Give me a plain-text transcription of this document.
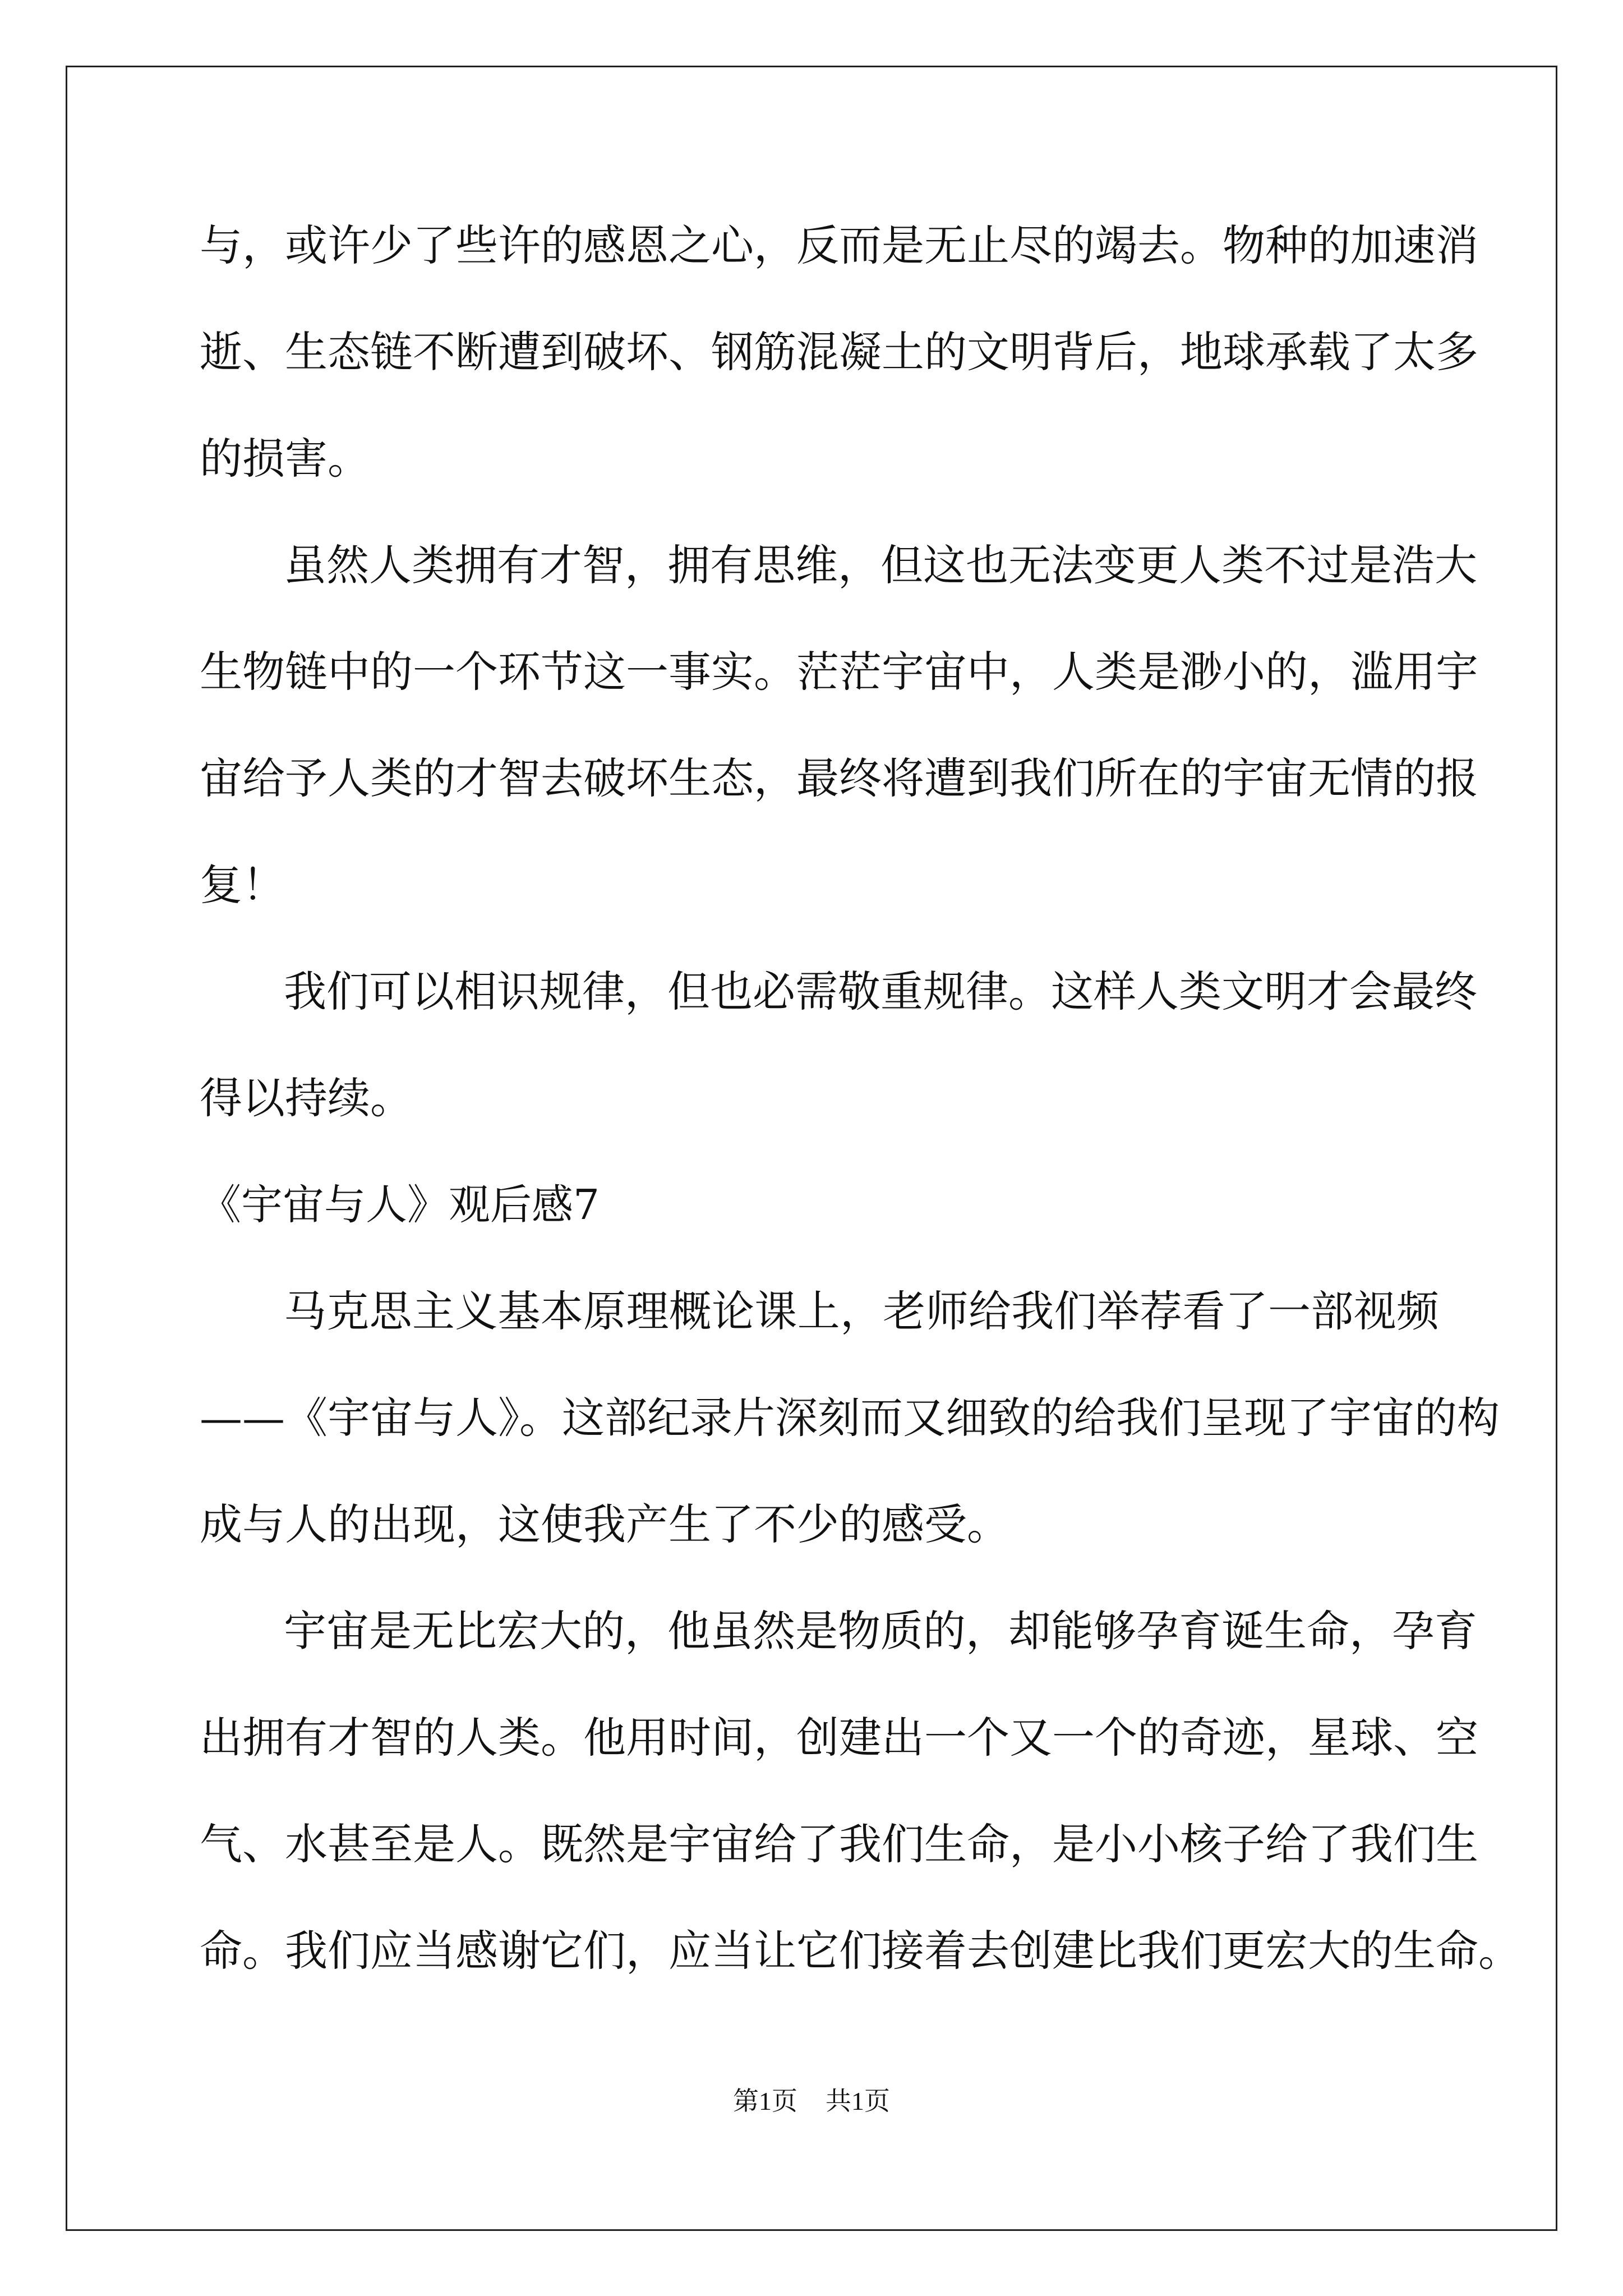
与，或许少了些许的感恩之心，反而是无止尽的竭去。物种的加速消
逝、生态链不断遭到破坏、钢筋混凝土的文明背后，地球承载了太多
的损害。
虽然人类拥有才智，拥有思维，但这也无法变更人类不过是浩大
生物链中的一个环节这一事实。茫茫宇宙中，人类是渺小的，滥用宇
宙给予人类的才智去破坏生态，最终将遭到我们所在的宇宙无情的报
复！
我们可以相识规律，但也必需敬重规律。这样人类文明才会最终
得以持续。
《宇宙与人》观后感7
马克思主义基本原理概论课上，老师给我们举荐看了一部视频
——《宇宙与人》。这部纪录片深刻而又细致的给我们呈现了宇宙的构
成与人的出现，这使我产生了不少的感受。
宇宙是无比宏大的，他虽然是物质的，却能够孕育诞生命，孕育
出拥有才智的人类。他用时间，创建出一个又一个的奇迹，星球、空
气、水甚至是人。既然是宇宙给了我们生命，是小小核子给了我们生
命。我们应当感谢它们，应当让它们接着去创建比我们更宏大的生命。
第1页 共1页
